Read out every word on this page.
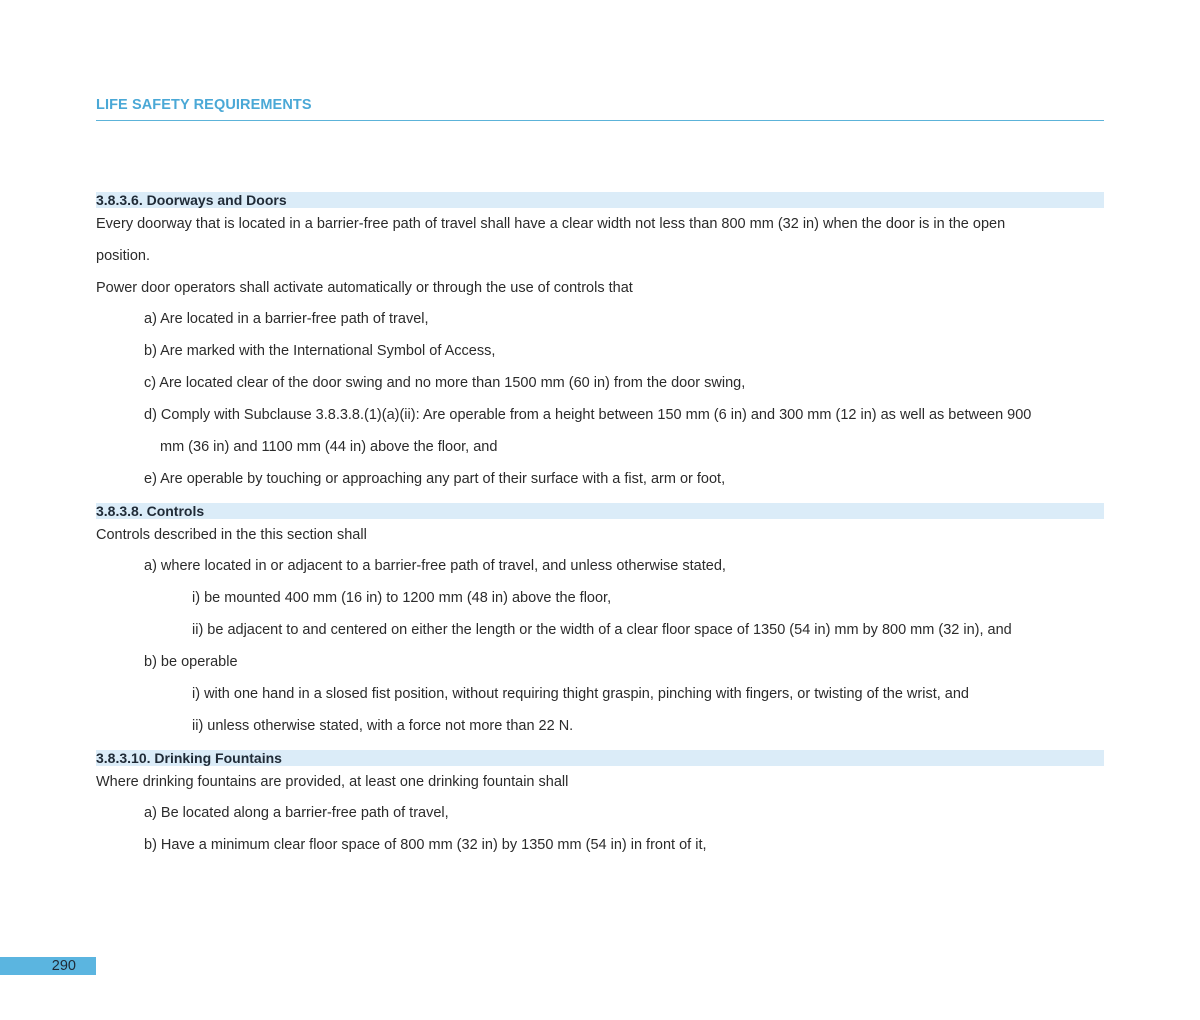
LIFE SAFETY REQUIREMENTS
3.8.3.6. Doorways and Doors

Every doorway that is located in a barrier-free path of travel shall have a clear width not less than 800 mm (32 in) when the door is in the open

position.

Power door operators shall activate automatically or through the use of controls that

a) Are located in a barrier-free path of travel,

b) Are marked with the International Symbol of Access,

c) Are located clear of the door swing and no more than 1500 mm (60 in) from the door swing,

d) Comply with Subclause 3.8.3.8.(1)(a)(ii): Are operable from a height between 150 mm (6 in) and 300 mm (12 in) as well as between 900

mm (36 in) and 1100 mm (44 in) above the floor, and

e) Are operable by touching or approaching any part of their surface with a fist, arm or foot,

3.8.3.8. Controls

Controls described in the this section shall

a) where located in or adjacent to a barrier-free path of travel, and unless otherwise stated,

i) be mounted 400 mm (16 in) to 1200 mm (48 in) above the floor,

ii) be adjacent to and centered on either the length or the width of a clear floor space of 1350 (54 in) mm by 800 mm (32 in), and

b) be operable

i) with one hand in a slosed fist position, without requiring thight graspin, pinching with fingers, or twisting of the wrist, and

ii) unless otherwise stated, with a force not more than 22 N.

3.8.3.10. Drinking Fountains

Where drinking fountains are provided, at least one drinking fountain shall

a) Be located along a barrier-free path of travel,

b) Have a minimum clear floor space of 800 mm (32 in) by 1350 mm (54 in) in front of it,

290
